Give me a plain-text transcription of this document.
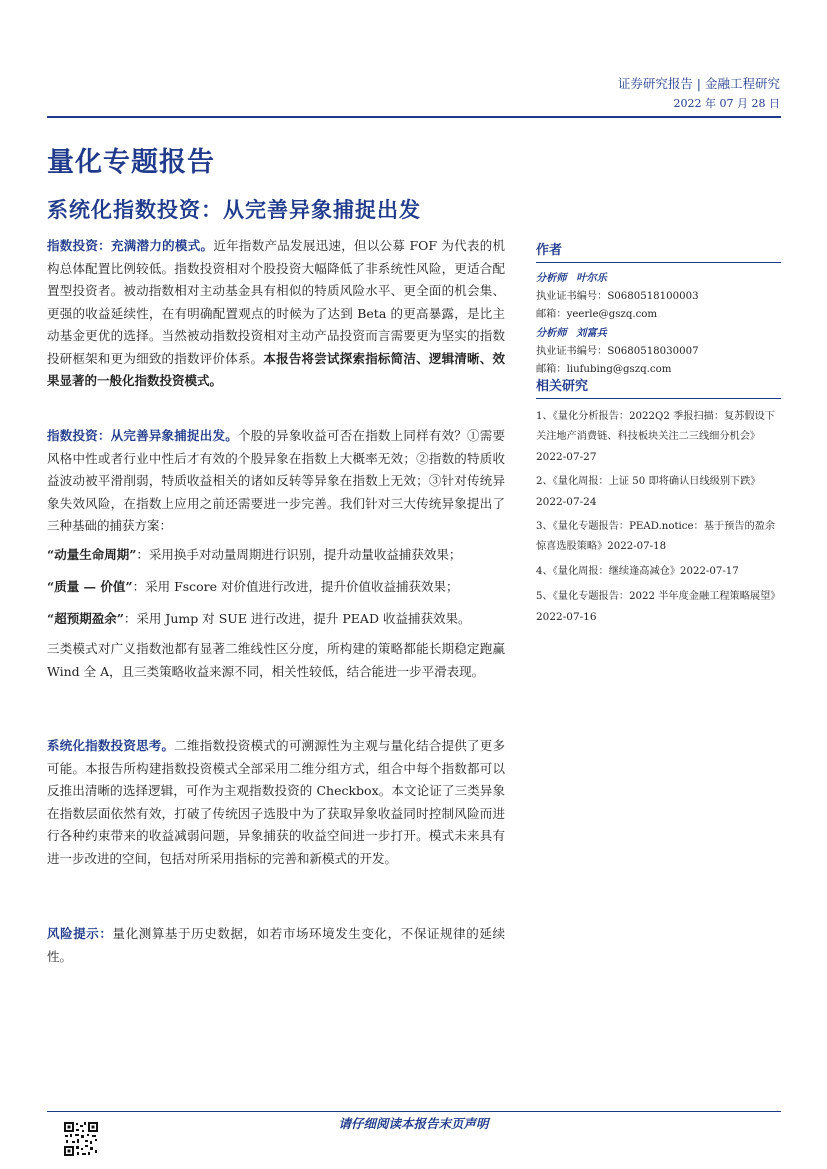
证券研究报告 | 金融工程研究
2022 年 07 月 28 日
量化专题报告
系统化指数投资：从完善异象捕捉出发

指数投资：充满潜力的模式。近年指数产品发展迅速，但以公募 FOF 为代表的机构总体配置比例较低。指数投资相对个股投资大幅降低了非系统性风险，更适合配置型投资者。被动指数相对主动基金具有相似的特质风险水平、更全面的机会集、更强的收益延续性，在有明确配置观点的时候为了达到 Beta 的更高暴露，是比主动基金更优的选择。当然被动指数投资相对主动产品投资而言需要更为坚实的指数投研框架和更为细致的指数评价体系。本报告将尝试探索指标简洁、逻辑清晰、效果显著的一般化指数投资模式。

指数投资：从完善异象捕捉出发。个股的异象收益可否在指数上同样有效？①需要风格中性或者行业中性后才有效的个股异象在指数上大概率无效；②指数的特质收益波动被平滑削弱，特质收益相关的诸如反转等异象在指数上无效；③针对传统异象失效风险，在指数上应用之前还需要进一步完善。我们针对三大传统异象提出了三种基础的捕获方案：

“动量生命周期”：采用换手对动量周期进行识别，提升动量收益捕获效果；

“质量 — 价值”：采用 Fscore 对价值进行改进，提升价值收益捕获效果；

“超预期盈余”：采用 Jump 对 SUE 进行改进，提升 PEAD 收益捕获效果。

三类模式对广义指数池都有显著二维线性区分度，所构建的策略都能长期稳定跑赢 Wind 全 A，且三类策略收益来源不同，相关性较低，结合能进一步平滑表现。

系统化指数投资思考。二维指数投资模式的可溯源性为主观与量化结合提供了更多可能。本报告所构建指数投资模式全部采用二维分组方式，组合中每个指数都可以反推出清晰的选择逻辑，可作为主观指数投资的 Checkbox。本文论证了三类异象在指数层面依然有效，打破了传统因子选股中为了获取异象收益同时控制风险而进行各种约束带来的收益减弱问题，异象捕获的收益空间进一步打开。模式未来具有进一步改进的空间，包括对所采用指标的完善和新模式的开发。

风险提示：量化测算基于历史数据，如若市场环境发生变化，不保证规律的延续性。

作者
分析师 叶尔乐
执业证书编号：S0680518100003
邮箱：yeerle@gszq.com
分析师 刘富兵
执业证书编号：S0680518030007
邮箱：liufubing@gszq.com
相关研究
1、《量化分析报告：2022Q2 季报扫描：复苏假设下关注地产消费链、科技板块关注二三线细分机会》
2022-07-27
2、《量化周报：上证 50 即将确认日线级别下跌》
2022-07-24
3、《量化专题报告：PEAD.notice：基于预告的盈余惊喜选股策略》2022-07-18
4、《量化周报：继续逢高减仓》2022-07-17
5、《量化专题报告：2022 半年度金融工程策略展望》
2022-07-16
请仔细阅读本报告末页声明
